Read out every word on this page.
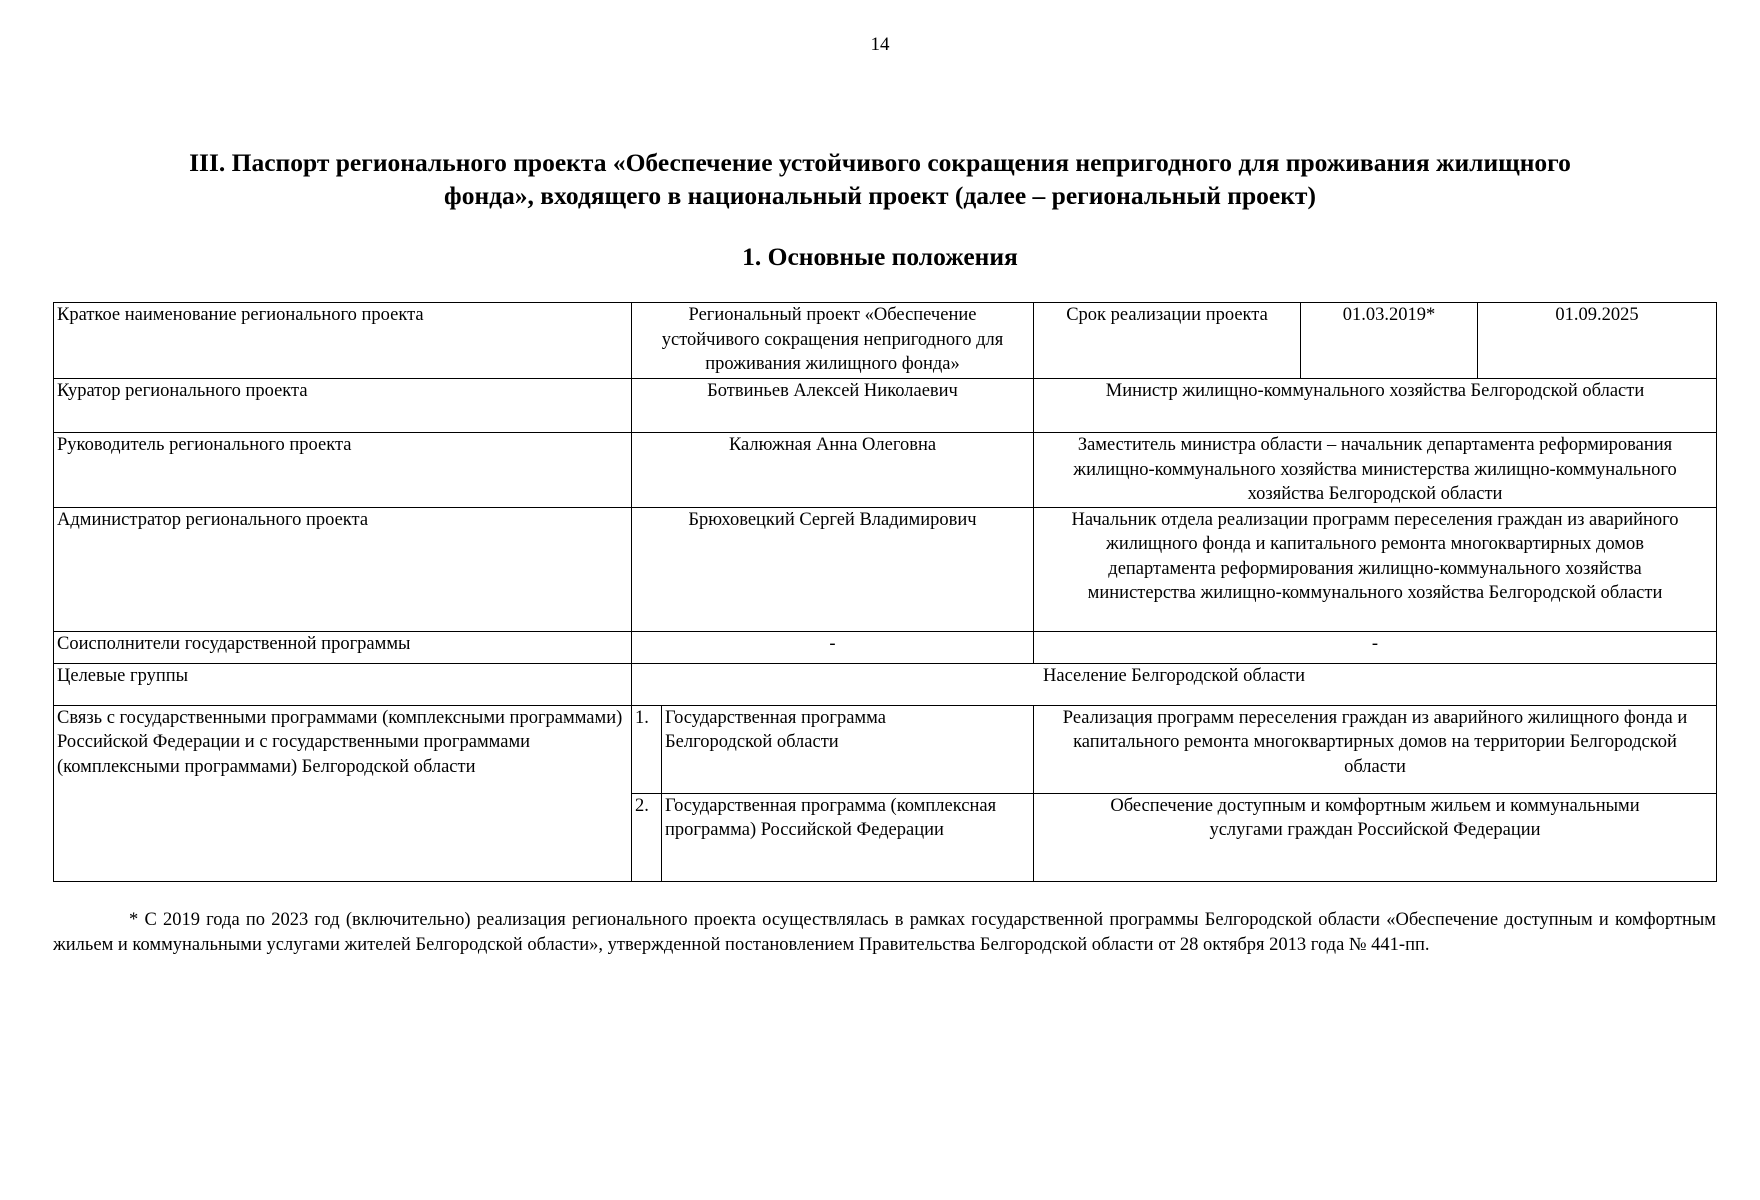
14
III. Паспорт регионального проекта «Обеспечение устойчивого сокращения непригодного для проживания жилищного
фонда», входящего в национальный проект (далее – региональный проект)
1. Основные положения
Краткое наименование регионального проекта	Региональный проект «Обеспечение устойчивого сокращения непригодного для проживания жилищного фонда»		Срок реализации проекта	01.03.2019*	01.09.2025
Куратор регионального проекта	Ботвиньев Алексей Николаевич		Министр жилищно-коммунального хозяйства Белгородской области		
Руководитель регионального проекта	Калюжная Анна Олеговна		Заместитель министра области – начальник департамента реформирования жилищно-коммунального хозяйства министерства жилищно-коммунального хозяйства Белгородской области		
Администратор регионального проекта	Брюховецкий Сергей Владимирович		Начальник отдела реализации программ переселения граждан из аварийного жилищного фонда и капитального ремонта многоквартирных домов департамента реформирования жилищно-коммунального хозяйства министерства жилищно-коммунального хозяйства Белгородской области		
Соисполнители государственной программы	-		-		
Целевые группы	Население Белгородской области				
Связь с государственными программами (комплексными программами) Российской Федерации и с государственными программами (комплексными программами) Белгородской области	1.	Государственная программа Белгородской области	Реализация программ переселения граждан из аварийного жилищного фонда и капитального ремонта многоквартирных домов на территории Белгородской области		
	2.	Государственная программа (комплексная программа) Российской Федерации	Обеспечение доступным и комфортным жильем и коммунальными услугами граждан Российской Федерации		

* С 2019 года по 2023 год (включительно) реализация регионального проекта осуществлялась в рамках государственной программы Белгородской области «Обеспечение доступным и комфортным жильем и коммунальными услугами жителей Белгородской области», утвержденной постановлением Правительства Белгородской области от 28 октября 2013 года № 441-пп.
